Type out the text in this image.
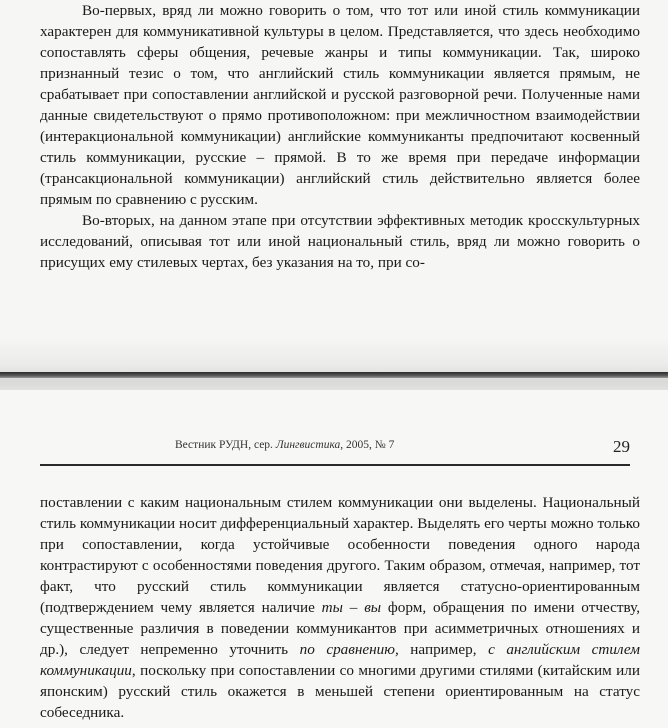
Во-первых, вряд ли можно говорить о том, что тот или иной стиль коммуникации характерен для коммуникативной культуры в целом. Представляется, что здесь необходимо сопоставлять сферы общения, речевые жанры и типы коммуникации. Так, широко признанный тезис о том, что английский стиль коммуникации является прямым, не срабатывает при сопоставлении английской и русской разговорной речи. Полученные нами данные свидетельствуют о прямо противоположном: при межличностном взаимодействии (интеракциональной коммуникации) английские коммуниканты предпочитают косвенный стиль коммуникации, русские – прямой. В то же время при передаче информации (трансакциональной коммуникации) английский стиль действительно является более прямым по сравнению с русским.

Во-вторых, на данном этапе при отсутствии эффективных методик кросскультурных исследований, описывая тот или иной национальный стиль, вряд ли можно говорить о присущих ему стилевых чертах, без указания на то, при со-

Вестник РУДН, сер. Лингвистика, 2005, № 7	29

поставлении с каким национальным стилем коммуникации они выделены. Национальный стиль коммуникации носит дифференциальный характер. Выделять его черты можно только при сопоставлении, когда устойчивые особенности поведения одного народа контрастируют с особенностями поведения другого. Таким образом, отмечая, например, тот факт, что русский стиль коммуникации является статусно-ориентированным (подтверждением чему является наличие ты – вы форм, обращения по имени отчеству, существенные различия в поведении коммуникантов при асимметричных отношениях и др.), следует непременно уточнить по сравнению, например, с английским стилем коммуникации, поскольку при сопоставлении со многими другими стилями (китайским или японским) русский стиль окажется в меньшей степени ориентированным на статус собеседника.
